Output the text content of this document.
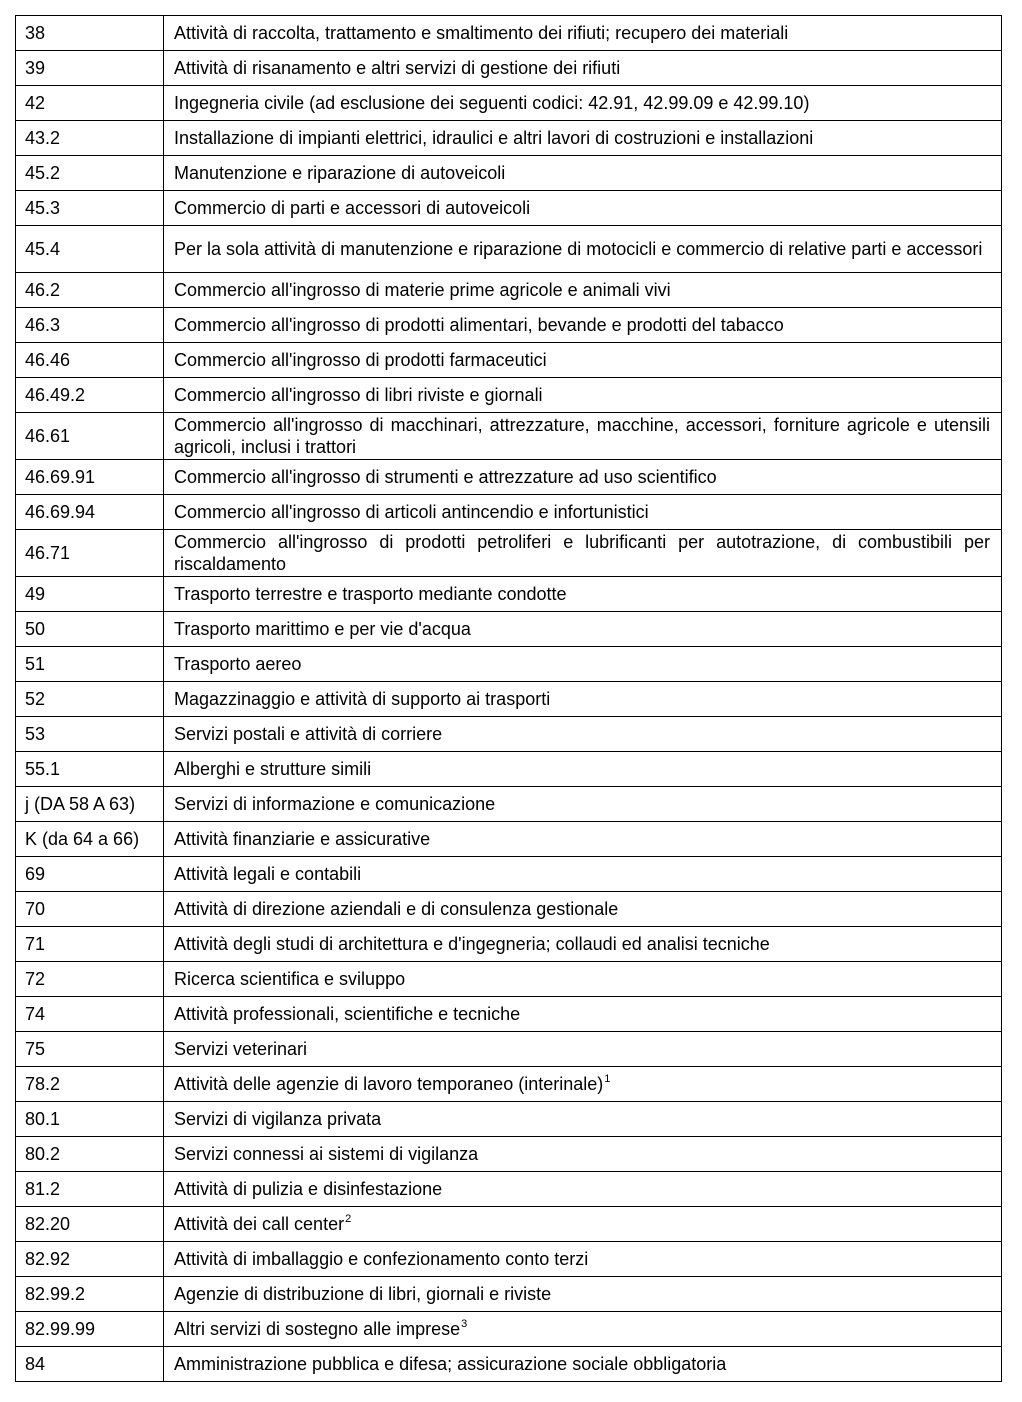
38	Attività di raccolta, trattamento e smaltimento dei rifiuti; recupero dei materiali
39	Attività di risanamento e altri servizi di gestione dei rifiuti
42	Ingegneria civile (ad esclusione dei seguenti codici: 42.91, 42.99.09 e 42.99.10)
43.2	Installazione di impianti elettrici, idraulici e altri lavori di costruzioni e installazioni
45.2	Manutenzione e riparazione di autoveicoli
45.3	Commercio di parti e accessori di autoveicoli
45.4	Per la sola attività di manutenzione e riparazione di motocicli e commercio di relative parti e accessori
46.2	Commercio all'ingrosso di materie prime agricole e animali vivi
46.3	Commercio all'ingrosso di prodotti alimentari, bevande e prodotti del tabacco
46.46	Commercio all'ingrosso di prodotti farmaceutici
46.49.2	Commercio all'ingrosso di libri riviste e giornali
46.61	Commercio all'ingrosso di macchinari, attrezzature, macchine, accessori, forniture agricole e utensili agricoli, inclusi i trattori
46.69.91	Commercio all'ingrosso di strumenti e attrezzature ad uso scientifico
46.69.94	Commercio all'ingrosso di articoli antincendio e infortunistici
46.71	Commercio all'ingrosso di prodotti petroliferi e lubrificanti per autotrazione, di combustibili per riscaldamento
49	Trasporto terrestre e trasporto mediante condotte
50	Trasporto marittimo e per vie d'acqua
51	Trasporto aereo
52	Magazzinaggio e attività di supporto ai trasporti
53	Servizi postali e attività di corriere
55.1	Alberghi e strutture simili
j (DA 58 A 63)	Servizi di informazione e comunicazione
K (da 64 a 66)	Attività finanziarie e assicurative
69	Attività legali e contabili
70	Attività di direzione aziendali e di consulenza gestionale
71	Attività degli studi di architettura e d'ingegneria; collaudi ed analisi tecniche
72	Ricerca scientifica e sviluppo
74	Attività professionali, scientifiche e tecniche
75	Servizi veterinari
78.2	Attività delle agenzie di lavoro temporaneo (interinale)$^1$
80.1	Servizi di vigilanza privata
80.2	Servizi connessi ai sistemi di vigilanza
81.2	Attività di pulizia e disinfestazione
82.20	Attività dei call center$^2$
82.92	Attività di imballaggio e confezionamento conto terzi
82.99.2	Agenzie di distribuzione di libri, giornali e riviste
82.99.99	Altri servizi di sostegno alle imprese$^3$
84	Amministrazione pubblica e difesa; assicurazione sociale obbligatoria
